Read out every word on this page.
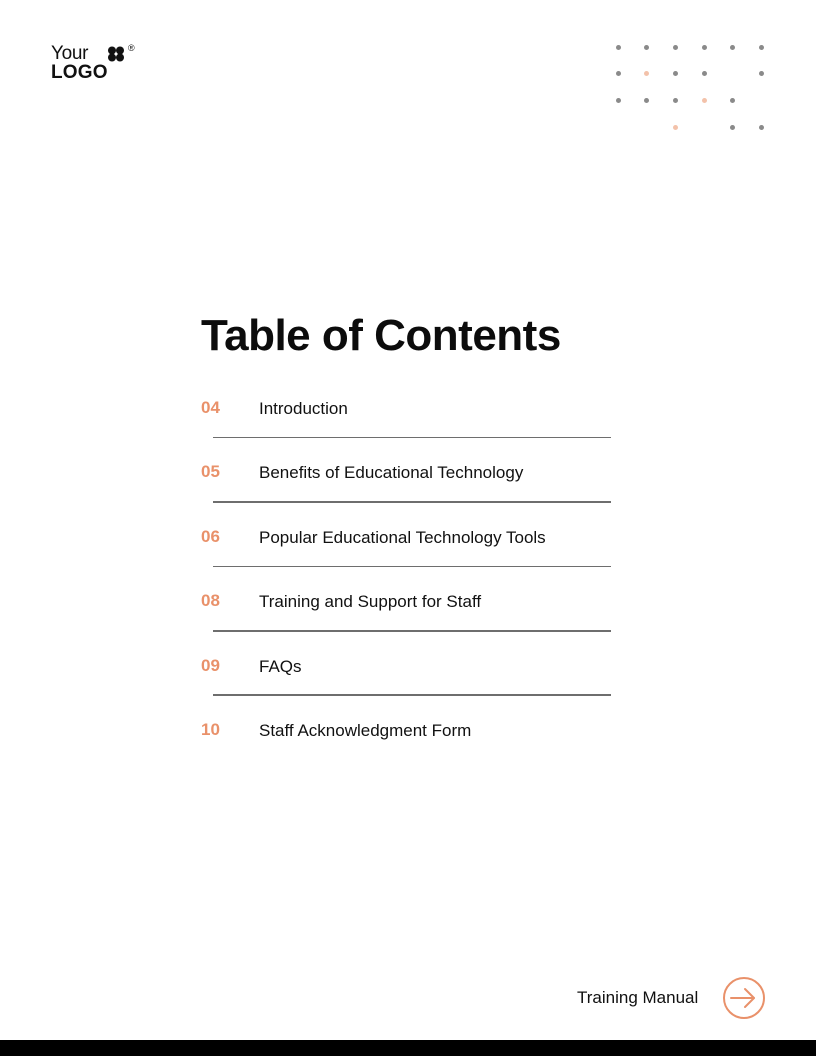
Your	®
LOGO
Table of Contents
04 Introduction
05 Benefits of Educational Technology
06 Popular Educational Technology Tools
08 Training and Support for Staff
09 FAQs
10 Staff Acknowledgment Form
Training Manual
